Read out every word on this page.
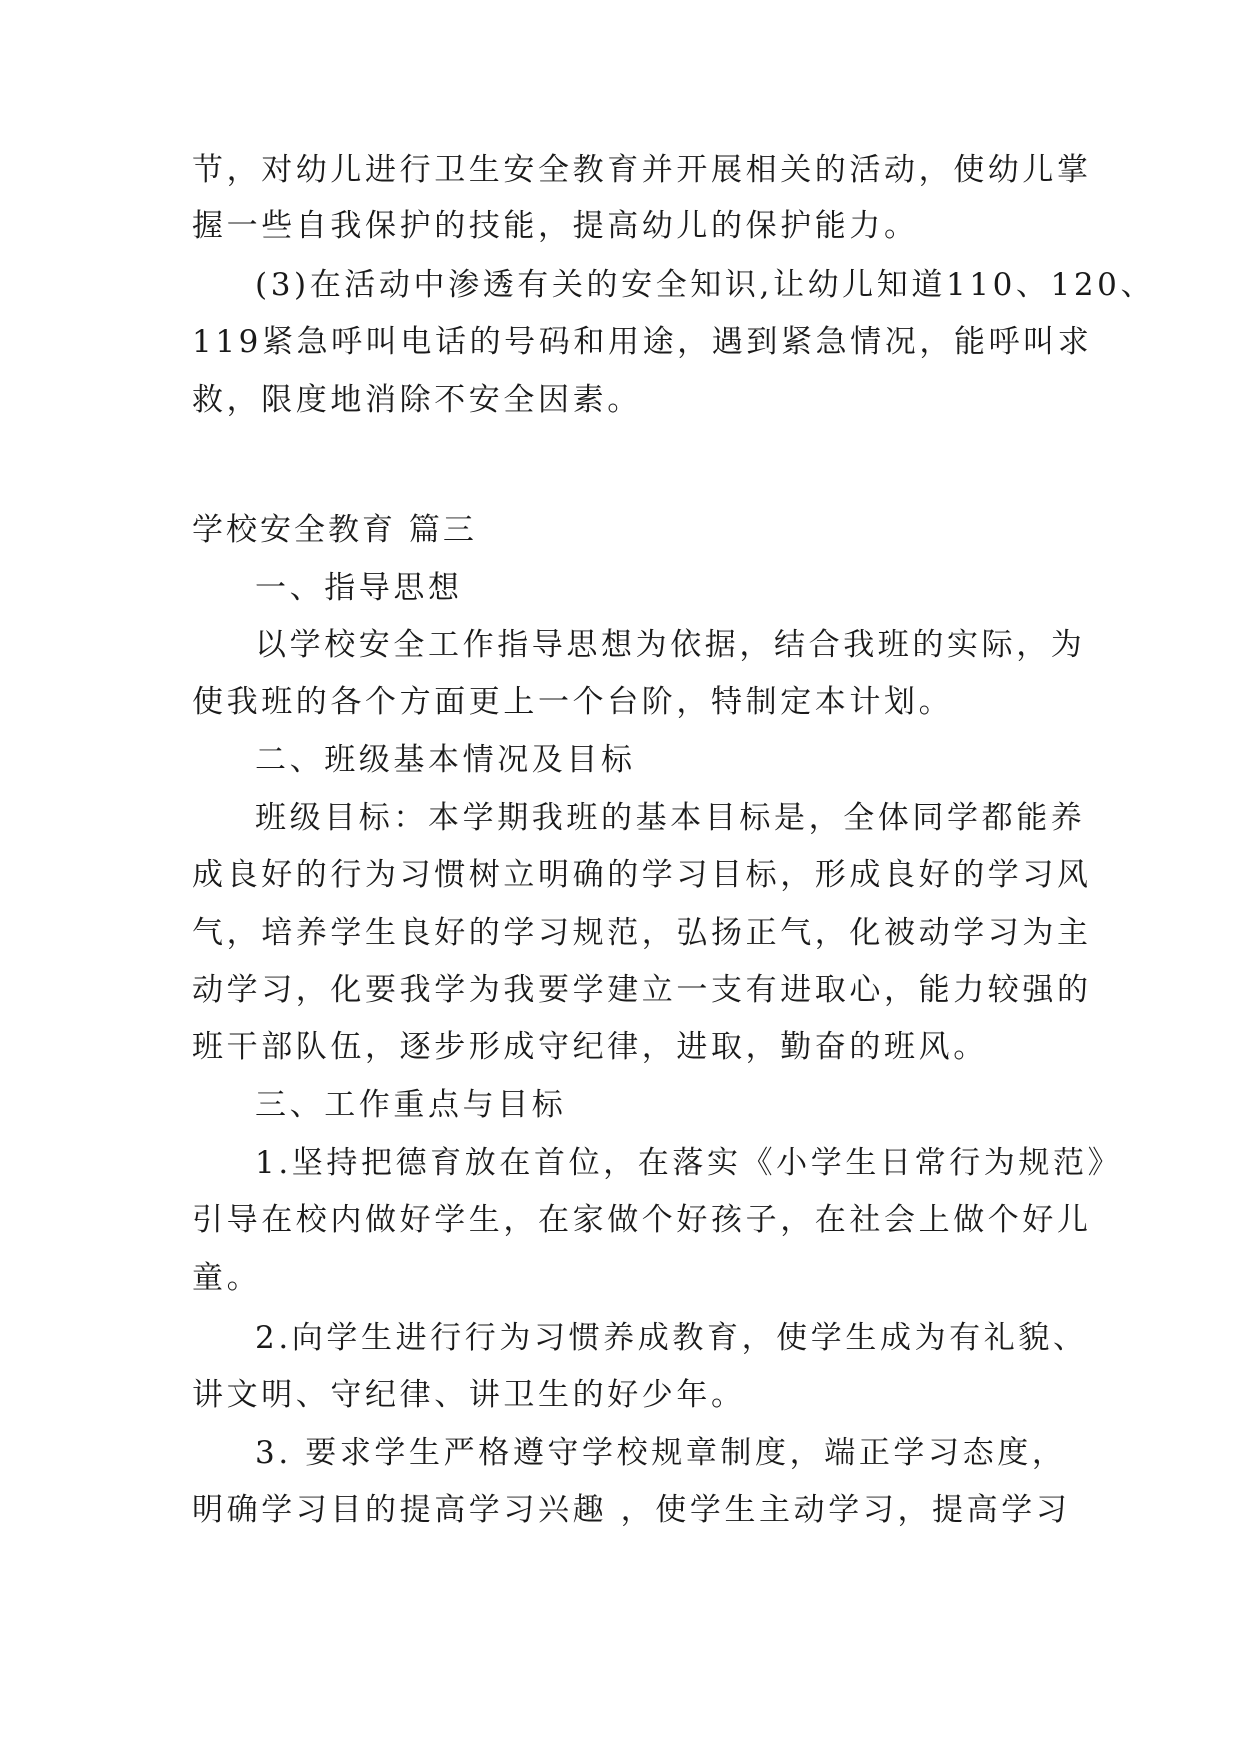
节，对幼儿进行卫生安全教育并开展相关的活动，使幼儿掌
握一些自我保护的技能，提高幼儿的保护能力。
(3)在活动中渗透有关的安全知识,让幼儿知道110、120、
119紧急呼叫电话的号码和用途，遇到紧急情况，能呼叫求
救，限度地消除不安全因素。
学校安全教育 篇三
一、指导思想
以学校安全工作指导思想为依据，结合我班的实际，为
使我班的各个方面更上一个台阶，特制定本计划。
二、班级基本情况及目标
班级目标：本学期我班的基本目标是，全体同学都能养
成良好的行为习惯树立明确的学习目标，形成良好的学习风
气，培养学生良好的学习规范，弘扬正气，化被动学习为主
动学习，化要我学为我要学建立一支有进取心，能力较强的
班干部队伍，逐步形成守纪律，进取，勤奋的班风。
三、工作重点与目标
1.坚持把德育放在首位，在落实《小学生日常行为规范》
引导在校内做好学生，在家做个好孩子，在社会上做个好儿
童。
2.向学生进行行为习惯养成教育，使学生成为有礼貌、
讲文明、守纪律、讲卫生的好少年。
3. 要求学生严格遵守学校规章制度，端正学习态度，
明确学习目的提高学习兴趣 ，使学生主动学习，提高学习
